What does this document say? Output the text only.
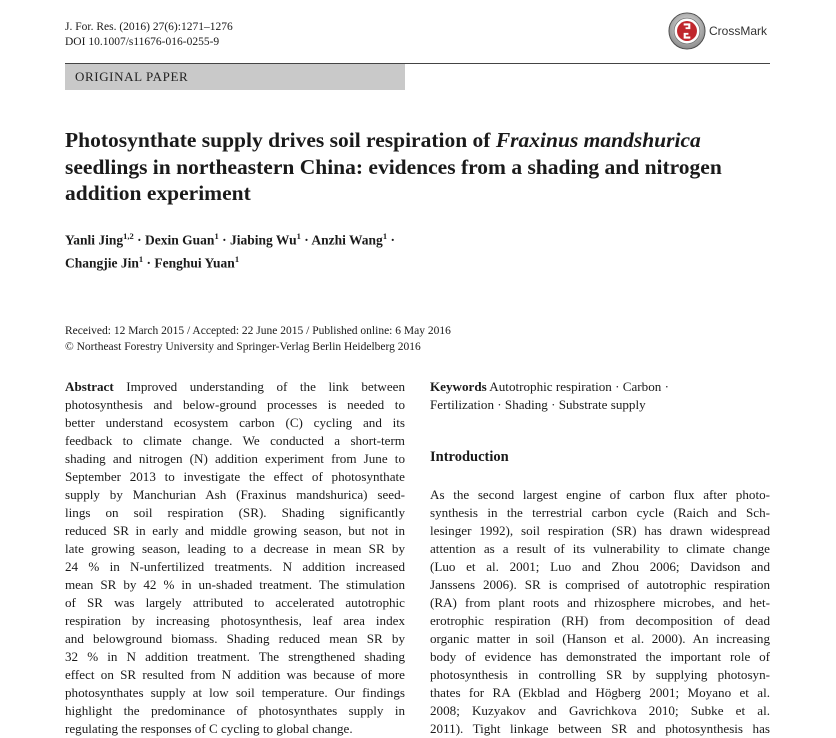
J. For. Res. (2016) 27(6):1271–1276
DOI 10.1007/s11676-016-0255-9
CrossMark
ORIGINAL PAPER
Photosynthate supply drives soil respiration of Fraxinus mandshurica seedlings in northeastern China: evidences from a shading and nitrogen addition experiment
Yanli Jing$^{1,2}$ · Dexin Guan$^1$ · Jiabing $Wu^1$ · Anzhi Wang$^1$ ·
Changjie Jin$^1$ · Fenghui Yuan$^1$
Received: 12 March 2015 / Accepted: 22 June 2015 / Published online: 6 May 2016
© Northeast Forestry University and Springer-Verlag Berlin Heidelberg 2016
Abstract Improved understanding of the link between
photosynthesis and below-ground processes is needed to
better understand ecosystem carbon (C) cycling and its
feedback to climate change. We conducted a short-term
shading and nitrogen (N) addition experiment from June to
September 2013 to investigate the effect of photosynthate
supply by Manchurian Ash (Fraxinus mandshurica) seed-
lings on soil respiration (SR). Shading significantly
reduced SR in early and middle growing season, but not in
late growing season, leading to a decrease in mean SR by
24 % in N-unfertilized treatments. N addition increased
mean SR by 42 % in un-shaded treatment. The stimulation
of SR was largely attributed to accelerated autotrophic
respiration by increasing photosynthesis, leaf area index
and belowground biomass. Shading reduced mean SR by
32 % in N addition treatment. The strengthened shading
effect on SR resulted from N addition was because of more
photosynthates supply at low soil temperature. Our findings
highlight the predominance of photosynthates supply in
regulating the responses of C cycling to global change.
Keywords Autotrophic respiration · Carbon ·
Fertilization · Shading · Substrate supply
Introduction
As the second largest engine of carbon flux after photo-
synthesis in the terrestrial carbon cycle (Raich and Sch-
lesinger 1992), soil respiration (SR) has drawn widespread
attention as a result of its vulnerability to climate change
(Luo et al. 2001; Luo and Zhou 2006; Davidson and
Janssens 2006). SR is comprised of autotrophic respiration
(RA) from plant roots and rhizosphere microbes, and het-
erotrophic respiration (RH) from decomposition of dead
organic matter in soil (Hanson et al. 2000). An increasing
body of evidence has demonstrated the important role of
photosynthesis in controlling SR by supplying photosyn-
thates for RA (Ekblad and Högberg 2001; Moyano et al.
2008; Kuzyakov and Gavrichkova 2010; Subke et al.
2011). Tight linkage between SR and photosynthesis has
